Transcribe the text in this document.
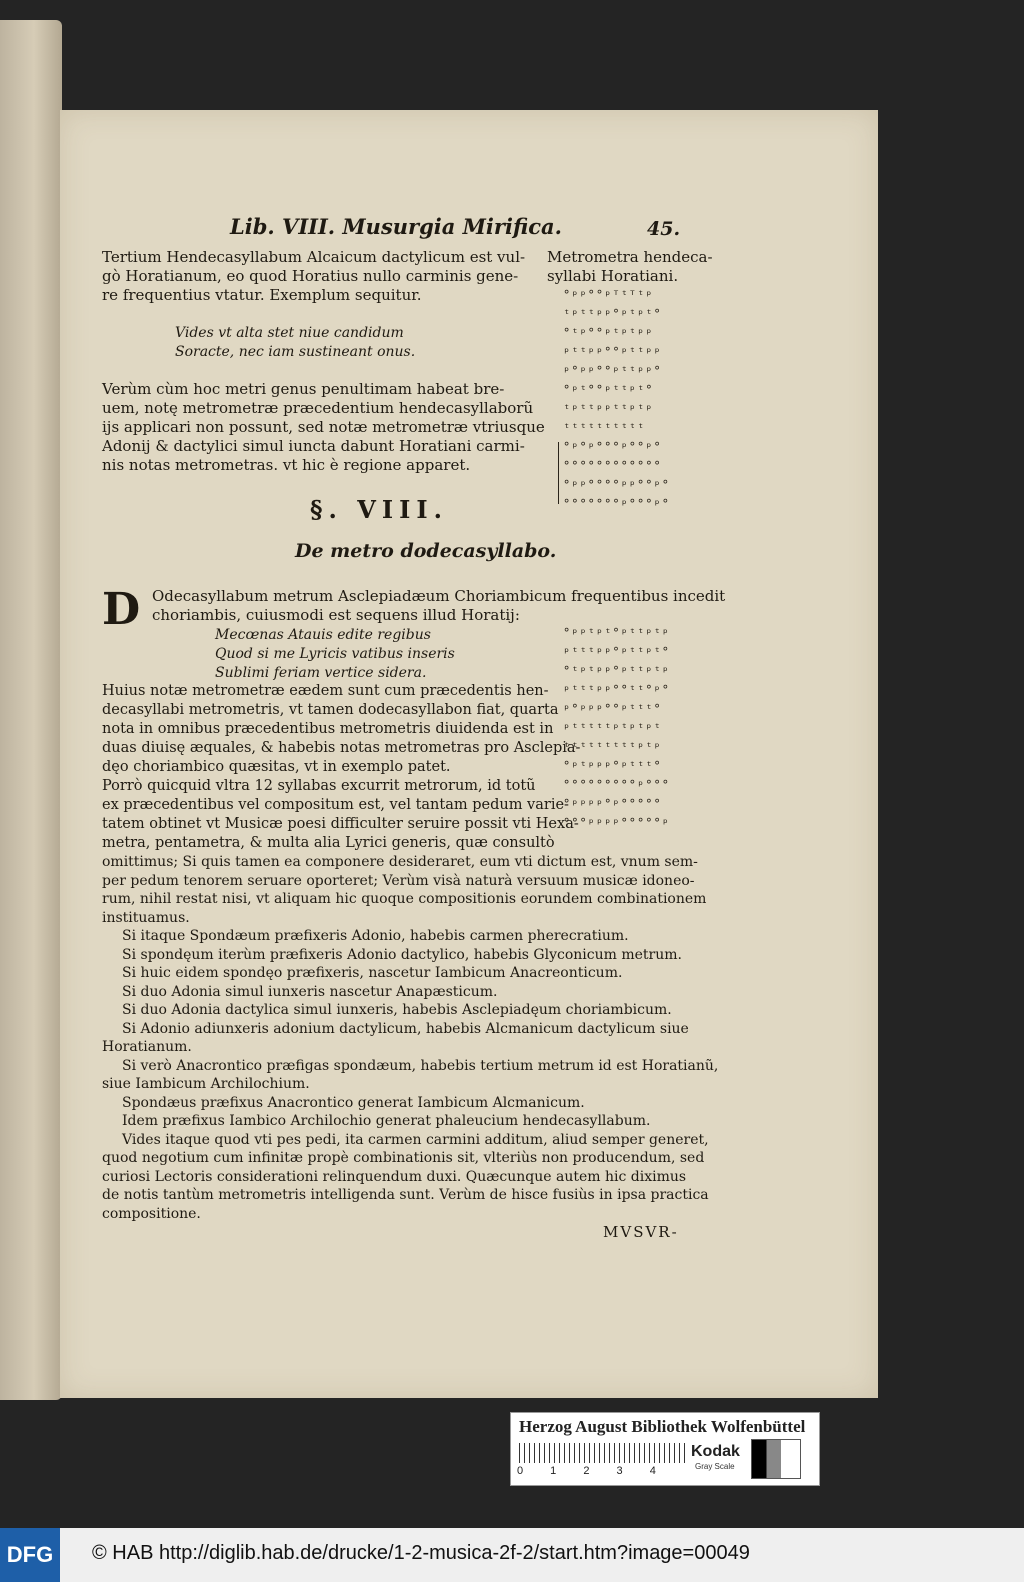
Lib. VIII. Musurgia Mirifica.	45.
Tertium Hendecasyllabum Alcaicum dactylicum est vul-
gò Horatianum, eo quod Horatius nullo carminis gene-
re frequentius vtatur. Exemplum sequitur.
Vides vt alta stet niue candidum
Soracte, nec iam sustineant onus.
Verùm cùm hoc metri genus penultimam habeat bre-
uem, notę metrometræ præcedentium hendecasyllaborũ
ijs applicari non possunt, sed notæ metrometræ vtriusque
Adonij & dactylici simul iuncta dabunt Horatiani carmi-
nis notas metrometras. vt hic è regione apparet.
Metrometra hendeca-
syllabi Horatiani.
°ᵖᵖ°°ᵖᵀᵗᵀᵗᵖ
ᵗᵖᵗᵗᵖᵖ°ᵖᵗᵖᵗ°
°ᵗᵖ°°ᵖᵗᵖᵗᵖᵖ
ᵖᵗᵗᵖᵖ°°ᵖᵗᵗᵖᵖ
ᵖ°ᵖᵖ°°ᵖᵗᵗᵖᵖ°
°ᵖᵗ°°ᵖᵗᵗᵖᵗ°
ᵗᵖᵗᵗᵖᵖᵗᵗᵖᵗᵖ
ᵗᵗᵗᵗᵗᵗᵗᵗᵗᵗ
°ᵖ°ᵖ°°°ᵖ°°ᵖ°
°°°°°°°°°°°°
°ᵖᵖ°°°°ᵖᵖ°°ᵖ°
°°°°°°°ᵖ°°°ᵖ°
§. VIII.
De metro dodecasyllabo.
D Odecasyllabum metrum Asclepiadæum Choriambicum frequentibus incedit
choriambis, cuiusmodi est sequens illud Horatij:
Mecœnas Atauis edite regibus
Quod si me Lyricis vatibus inseris
Sublimi feriam vertice sidera.
Huius notæ metrometræ eædem sunt cum præcedentis hen-
decasyllabi metrometris, vt tamen dodecasyllabon fiat, quarta
nota in omnibus præcedentibus metrometris diuidenda est in
duas diuisę æquales, & habebis notas metrometras pro Asclepia-
dęo choriambico quæsitas, vt in exemplo patet.
Porrò quicquid vltra 12 syllabas excurrit metrorum, id totũ
ex præcedentibus vel compositum est, vel tantam pedum varie-
tatem obtinet vt Musicæ poesi difficulter seruire possit vti Hexa-
metra, pentametra, & multa alia Lyrici generis, quæ consultò
°ᵖᵖᵗᵖᵗ°ᵖᵗᵗᵖᵗᵖ
ᵖᵗᵗᵗᵖᵖ°ᵖᵗᵗᵖᵗ°
°ᵗᵖᵗᵖᵖ°ᵖᵗᵗᵖᵗᵖ
ᵖᵗᵗᵗᵖᵖ°°ᵗᵗ°ᵖ°
ᵖ°ᵖᵖᵖ°°ᵖᵗᵗᵗ°
ᵖᵗᵗᵗᵗᵗᵖᵗᵖᵗᵖᵗ
ᵗᵗᵗᵗᵗᵗᵗᵗᵗᵖᵗᵖ
°ᵖᵗᵖᵖᵖ°ᵖᵗᵗᵗ°
°°°°°°°°°ᵖ°°°
°ᵖᵖᵖᵖ°ᵖ°°°°°
°°°ᵖᵖᵖᵖ°°°°°ᵖ
omittimus; Si quis tamen ea componere desideraret, eum vti dictum est, vnum sem-
per pedum tenorem seruare oporteret; Verùm visà naturà versuum musicæ idoneo-
rum, nihil restat nisi, vt aliquam hic quoque compositionis eorundem combinationem
instituamus.
Si itaque Spondæum præfixeris Adonio, habebis carmen pherecratium.
Si spondęum iterùm præfixeris Adonio dactylico, habebis Glyconicum metrum.
Si huic eidem spondęo præfixeris, nascetur Iambicum Anacreonticum.
Si duo Adonia simul iunxeris nascetur Anapæsticum.
Si duo Adonia dactylica simul iunxeris, habebis Asclepiadęum choriambicum.
Si Adonio adiunxeris adonium dactylicum, habebis Alcmanicum dactylicum siue
Horatianum.
Si verò Anacrontico præfigas spondæum, habebis tertium metrum id est Horatianũ,
siue Iambicum Archilochium.
Spondæus præfixus Anacrontico generat Iambicum Alcmanicum.
Idem præfixus Iambico Archilochio generat phaleucium hendecasyllabum.
Vides itaque quod vti pes pedi, ita carmen carmini additum, aliud semper generet,
quod negotium cum infinitæ propè combinationis sit, vlteriùs non producendum, sed
curiosi Lectoris considerationi relinquendum duxi. Quæcunque autem hic diximus
de notis tantùm metrometris intelligenda sunt. Verùm de hisce fusiùs in ipsa practica
compositione.
MVSVR-
Herzog August Bibliothek Wolfenbüttel
0 1 2 3 4
Kodak
Gray Scale
DFG	© HAB http://diglib.hab.de/drucke/1-2-musica-2f-2/start.htm?image=00049
